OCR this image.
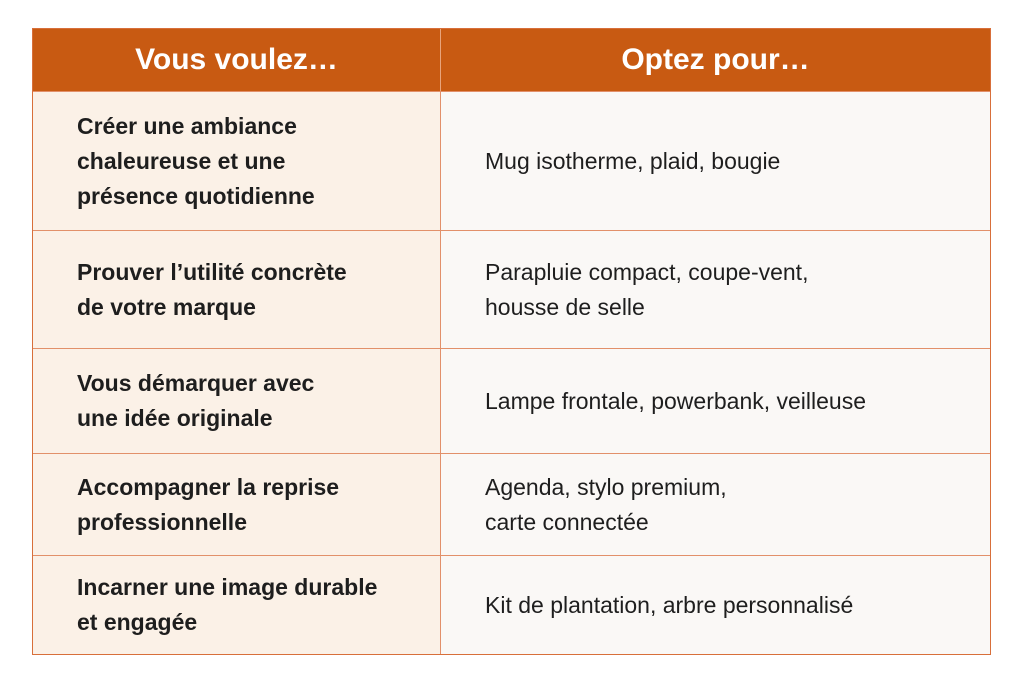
Vous voulez…	Optez pour…
Créer une ambiance
chaleureuse et une
présence quotidienne
Mug isotherme, plaid, bougie
Prouver l’utilité concrète
de votre marque
Parapluie compact, coupe-vent,
housse de selle
Vous démarquer avec
une idée originale
Lampe frontale, powerbank, veilleuse
Accompagner la reprise
professionnelle
Agenda, stylo premium,
carte connectée
Incarner une image durable
et engagée
Kit de plantation, arbre personnalisé
